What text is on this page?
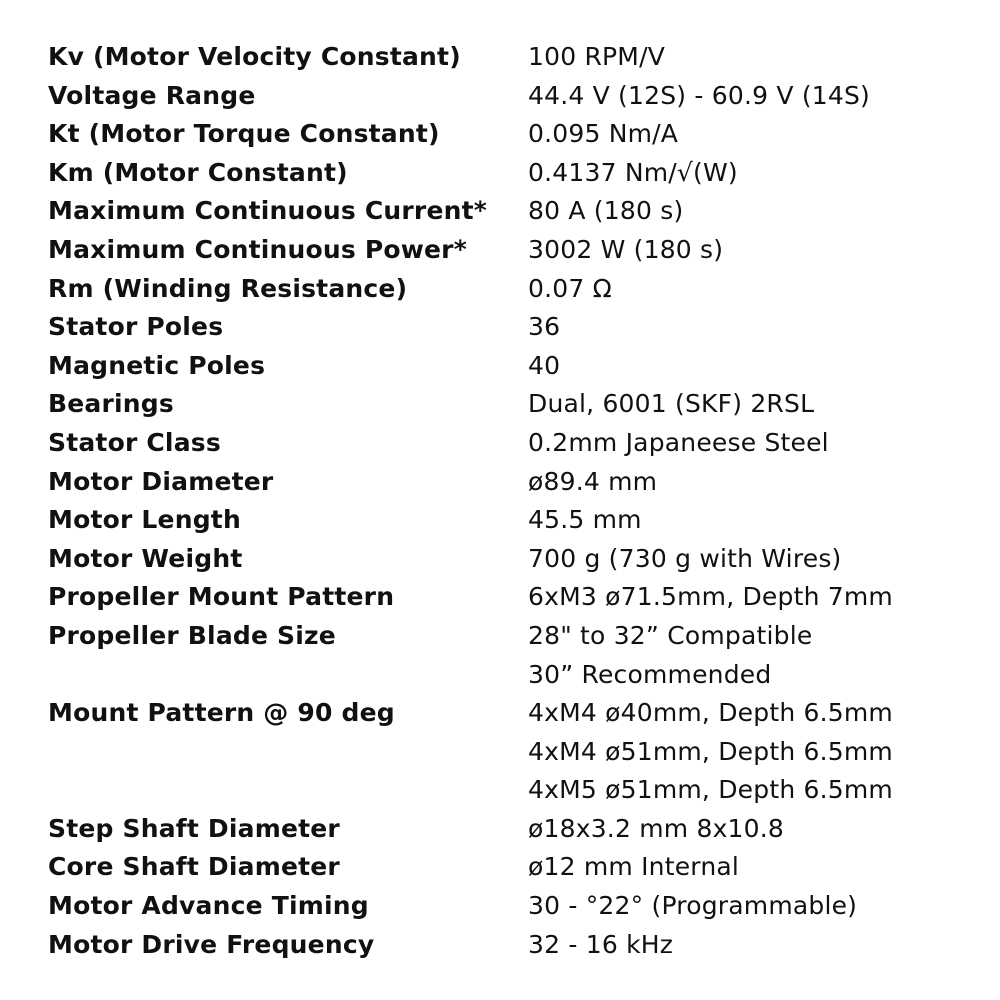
Kv (Motor Velocity Constant)	100 RPM/V
Voltage Range	44.4 V (12S) - 60.9 V (14S)
Kt (Motor Torque Constant)	0.095 Nm/A
Km (Motor Constant)	0.4137 Nm/√(W)
Maximum Continuous Current*	80 A (180 s)
Maximum Continuous Power*	3002 W (180 s)
Rm (Winding Resistance)	0.07 Ω
Stator Poles	36
Magnetic Poles	40
Bearings	Dual, 6001 (SKF) 2RSL
Stator Class	0.2mm Japaneese Steel
Motor Diameter	ø89.4 mm
Motor Length	45.5 mm
Motor Weight	700 g (730 g with Wires)
Propeller Mount Pattern	6xM3 ø71.5mm, Depth 7mm
Propeller Blade Size	28" to 32” Compatible
30” Recommended
Mount Pattern @ 90 deg	4xM4 ø40mm, Depth 6.5mm
4xM4 ø51mm, Depth 6.5mm
4xM5 ø51mm, Depth 6.5mm
Step Shaft Diameter	ø18x3.2 mm 8x10.8
Core Shaft Diameter	ø12 mm Internal
Motor Advance Timing	30 - °22° (Programmable)
Motor Drive Frequency	32 - 16 kHz
